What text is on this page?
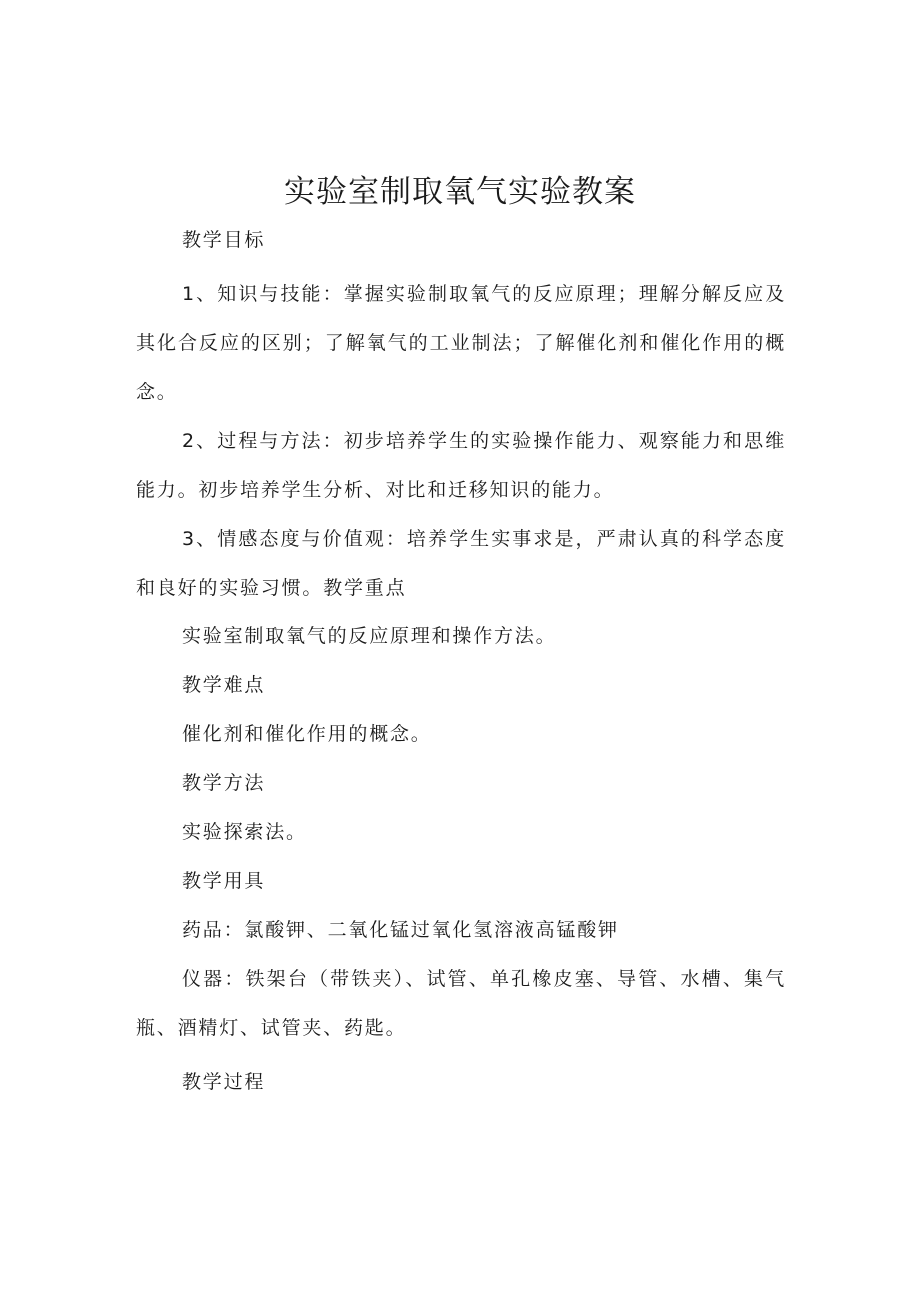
实验室制取氧气实验教案

教学目标

1、知识与技能：掌握实验制取氧气的反应原理；理解分解反应及其化合反应的区别；了解氧气的工业制法；了解催化剂和催化作用的概念。

2、过程与方法：初步培养学生的实验操作能力、观察能力和思维能力。初步培养学生分析、对比和迁移知识的能力。

3、情感态度与价值观：培养学生实事求是，严肃认真的科学态度和良好的实验习惯。教学重点

实验室制取氧气的反应原理和操作方法。

教学难点

催化剂和催化作用的概念。

教学方法

实验探索法。

教学用具

药品：氯酸钾、二氧化锰过氧化氢溶液高锰酸钾

仪器：铁架台（带铁夹）、试管、单孔橡皮塞、导管、水槽、集气瓶、酒精灯、试管夹、药匙。

教学过程
